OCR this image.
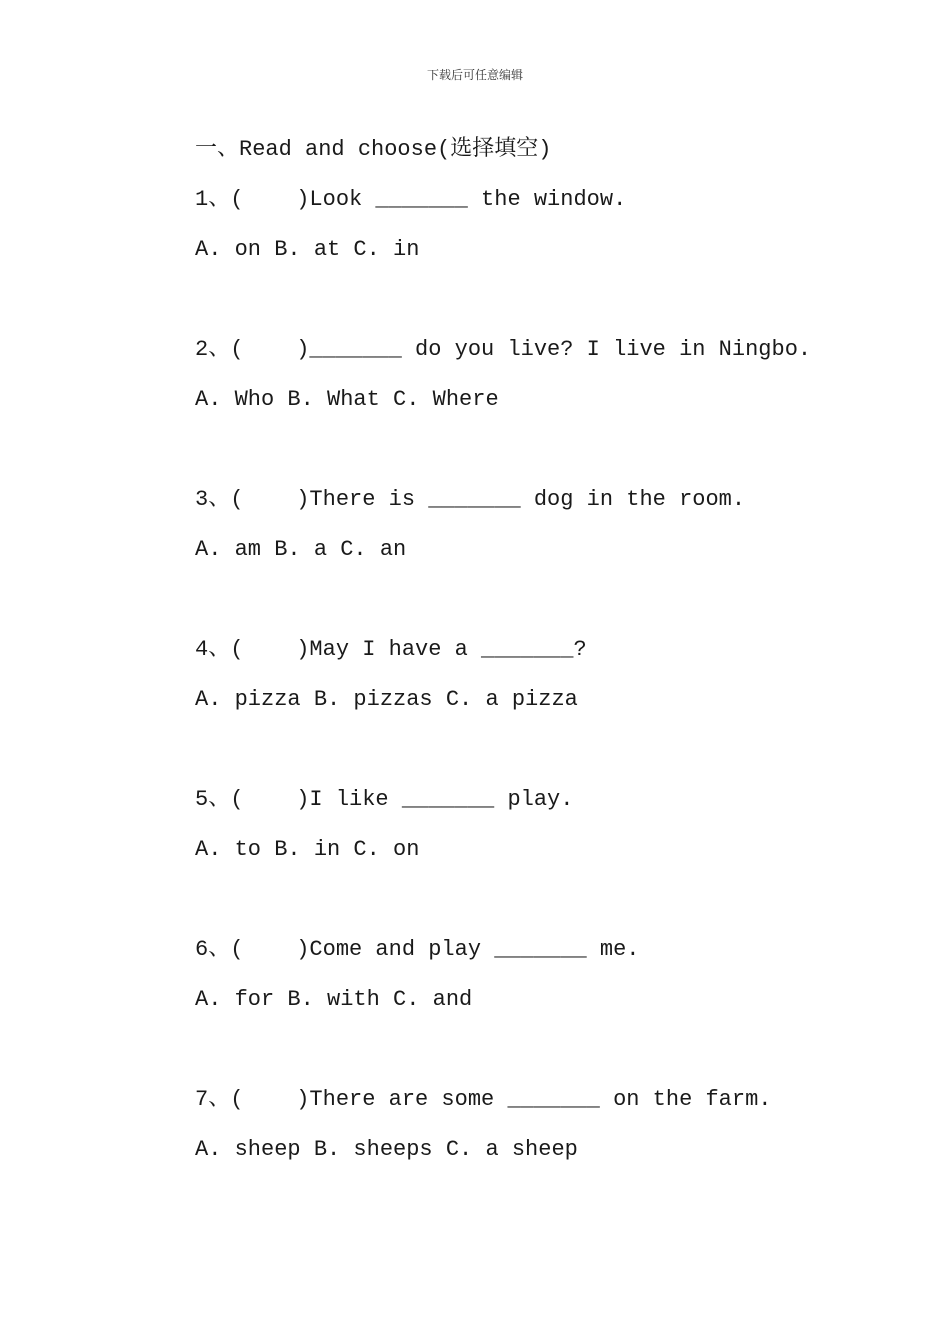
下载后可任意编辑
一、Read and choose(选择填空)
1、(    )Look _______ the window.
A. on B. at C. in
2、(    )_______ do you live? I live in Ningbo.
A. Who B. What C. Where
3、(    )There is _______ dog in the room.
A. am B. a C. an
4、(    )May I have a _______?
A. pizza B. pizzas C. a pizza
5、(    )I like _______ play.
A. to B. in C. on
6、(    )Come and play _______ me.
A. for B. with C. and
7、(    )There are some _______ on the farm.
A. sheep B. sheeps C. a sheep
